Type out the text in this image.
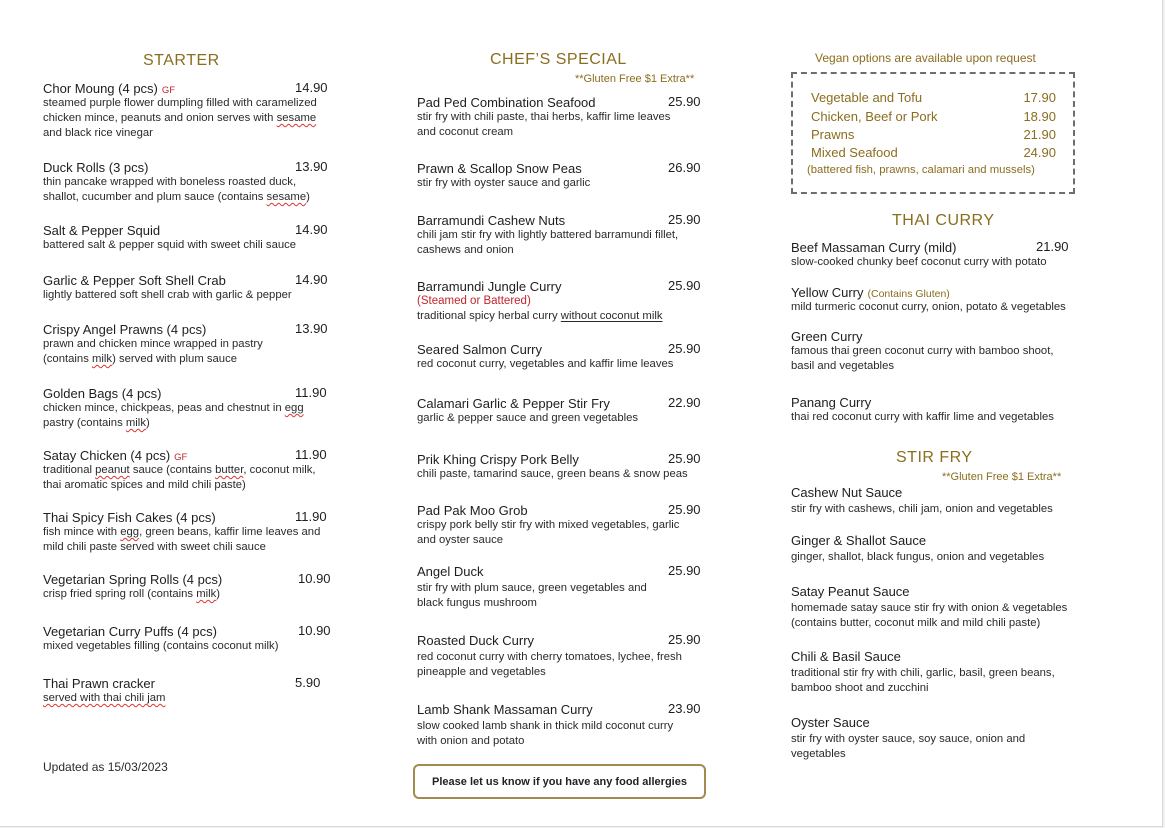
STARTER
Chor Moung (4 pcs) GF	14.90
steamed purple flower dumpling filled with caramelized
chicken mince, peanuts and onion serves with sesame
and black rice vinegar
Duck Rolls (3 pcs)	13.90
thin pancake wrapped with boneless roasted duck,
shallot, cucumber and plum sauce (contains sesame)
Salt & Pepper Squid	14.90
battered salt & pepper squid with sweet chili sauce
Garlic & Pepper Soft Shell Crab	14.90
lightly battered soft shell crab with garlic & pepper
Crispy Angel Prawns (4 pcs)	13.90
prawn and chicken mince wrapped in pastry
(contains milk) served with plum sauce
Golden Bags (4 pcs)	11.90
chicken mince, chickpeas, peas and chestnut in egg
pastry (contains milk)
Satay Chicken (4 pcs) GF	11.90
traditional peanut sauce (contains butter, coconut milk,
thai aromatic spices and mild chili paste)
Thai Spicy Fish Cakes (4 pcs)	11.90
fish mince with egg, green beans, kaffir lime leaves and
mild chili paste served with sweet chili sauce
Vegetarian Spring Rolls (4 pcs)	10.90
crisp fried spring roll (contains milk)
Vegetarian Curry Puffs (4 pcs)	10.90
mixed vegetables filling (contains coconut milk)
Thai Prawn cracker	5.90
served with thai chili jam
Updated as 15/03/2023
CHEF’S SPECIAL
**Gluten Free $1 Extra**
Pad Ped Combination Seafood	25.90
stir fry with chili paste, thai herbs, kaffir lime leaves
and coconut cream
Prawn & Scallop Snow Peas	26.90
stir fry with oyster sauce and garlic
Barramundi Cashew Nuts	25.90
chili jam stir fry with lightly battered barramundi fillet,
cashews and onion
Barramundi Jungle Curry	25.90
(Steamed or Battered)
traditional spicy herbal curry without coconut milk
Seared Salmon Curry	25.90
red coconut curry, vegetables and kaffir lime leaves
Calamari Garlic & Pepper Stir Fry	22.90
garlic & pepper sauce and green vegetables
Prik Khing Crispy Pork Belly	25.90
chili paste, tamarind sauce, green beans & snow peas
Pad Pak Moo Grob	25.90
crispy pork belly stir fry with mixed vegetables, garlic
and oyster sauce
Angel Duck	25.90
stir fry with plum sauce, green vegetables and
black fungus mushroom
Roasted Duck Curry	25.90
red coconut curry with cherry tomatoes, lychee, fresh
pineapple and vegetables
Lamb Shank Massaman Curry	23.90
slow cooked lamb shank in thick mild coconut curry
with onion and potato
Please let us know if you have any food allergies
Vegan options are available upon request
Vegetable and Tofu	17.90
Chicken, Beef or Pork	18.90
Prawns	21.90
Mixed Seafood	24.90
(battered fish, prawns, calamari and mussels)
THAI CURRY
Beef Massaman Curry (mild)	21.90
slow-cooked chunky beef coconut curry with potato
Yellow Curry (Contains Gluten)
mild turmeric coconut curry, onion, potato & vegetables
Green Curry
famous thai green coconut curry with bamboo shoot,
basil and vegetables
Panang Curry
thai red coconut curry with kaffir lime and vegetables
STIR FRY
**Gluten Free $1 Extra**
Cashew Nut Sauce
stir fry with cashews, chili jam, onion and vegetables
Ginger & Shallot Sauce
ginger, shallot, black fungus, onion and vegetables
Satay Peanut Sauce
homemade satay sauce stir fry with onion & vegetables
(contains butter, coconut milk and mild chili paste)
Chili & Basil Sauce
traditional stir fry with chili, garlic, basil, green beans,
bamboo shoot and zucchini
Oyster Sauce
stir fry with oyster sauce, soy sauce, onion and
vegetables
